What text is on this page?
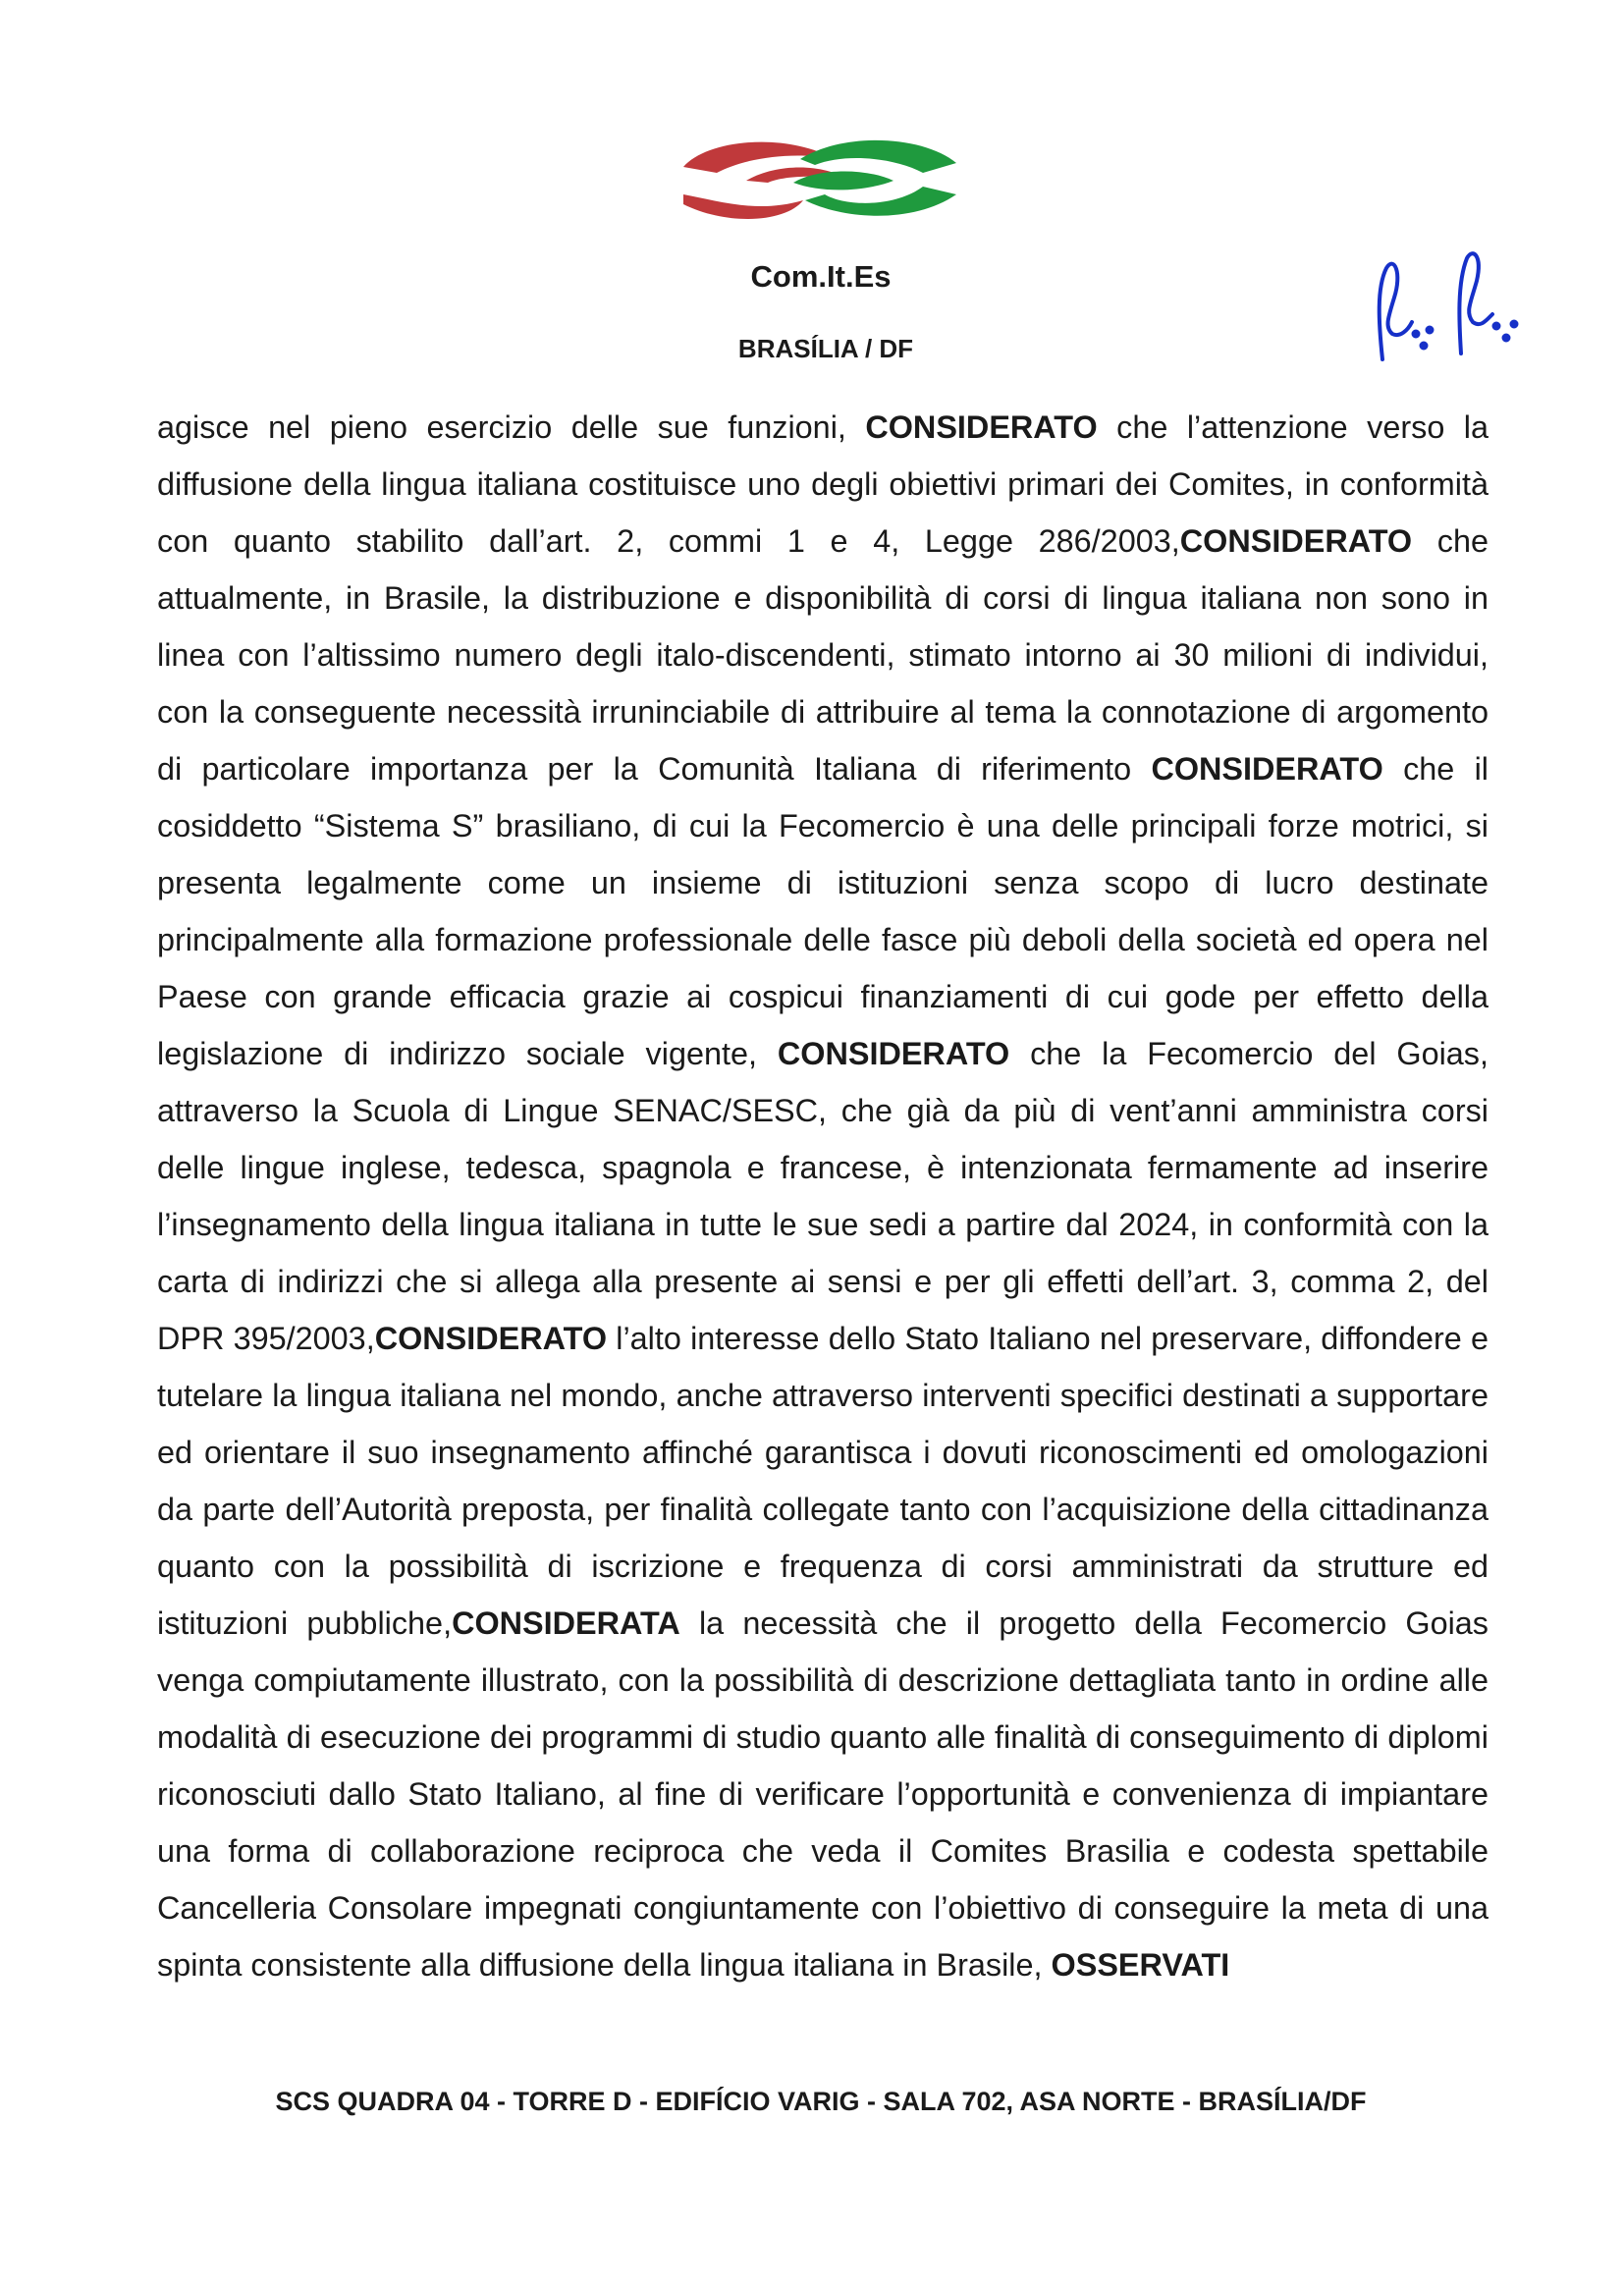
Com.It.Es
BRASÍLIA / DF

agisce nel pieno esercizio delle sue funzioni, CONSIDERATO che l’attenzione verso la diffusione della lingua italiana costituisce uno degli obiettivi primari dei Comites, in conformità con quanto stabilito dall’art. 2, commi 1 e 4, Legge 286/2003,CONSIDERATO che attualmente, in Brasile, la distribuzione e disponibilità di corsi di lingua italiana non sono in linea con l’altissimo numero degli italo-discendenti, stimato intorno ai 30 milioni di individui, con la conseguente necessità irruninciabile di attribuire al tema la connotazione di argomento di particolare importanza per la Comunità Italiana di riferimento CONSIDERATO che il cosiddetto “Sistema S” brasiliano, di cui la Fecomercio è una delle principali forze motrici, si presenta legalmente come un insieme di istituzioni senza scopo di lucro destinate principalmente alla formazione professionale delle fasce più deboli della società ed opera nel Paese con grande efficacia grazie ai cospicui finanziamenti di cui gode per effetto della legislazione di indirizzo sociale vigente, CONSIDERATO che la Fecomercio del Goias, attraverso la Scuola di Lingue SENAC/SESC, che già da più di vent’anni amministra corsi delle lingue inglese, tedesca, spagnola e francese, è intenzionata fermamente ad inserire l’insegnamento della lingua italiana in tutte le sue sedi a partire dal 2024, in conformità con la carta di indirizzi che si allega alla presente ai sensi e per gli effetti dell’art. 3, comma 2, del DPR 395/2003,CONSIDERATO l’alto interesse dello Stato Italiano nel preservare, diffondere e tutelare la lingua italiana nel mondo, anche attraverso interventi specifici destinati a supportare ed orientare il suo insegnamento affinché garantisca i dovuti riconoscimenti ed omologazioni da parte dell’Autorità preposta, per finalità collegate tanto con l’acquisizione della cittadinanza quanto con la possibilità di iscrizione e frequenza di corsi amministrati da strutture ed istituzioni pubbliche,CONSIDERATA la necessità che il progetto della Fecomercio Goias venga compiutamente illustrato, con la possibilità di descrizione dettagliata tanto in ordine alle modalità di esecuzione dei programmi di studio quanto alle finalità di conseguimento di diplomi riconosciuti dallo Stato Italiano, al fine di verificare l’opportunità e convenienza di impiantare una forma di collaborazione reciproca che veda il Comites Brasilia e codesta spettabile Cancelleria Consolare impegnati congiuntamente con l’obiettivo di conseguire la meta di una spinta consistente alla diffusione della lingua italiana in Brasile, OSSERVATI

SCS QUADRA 04 - TORRE D - EDIFÍCIO VARIG - SALA 702, ASA NORTE - BRASÍLIA/DF
